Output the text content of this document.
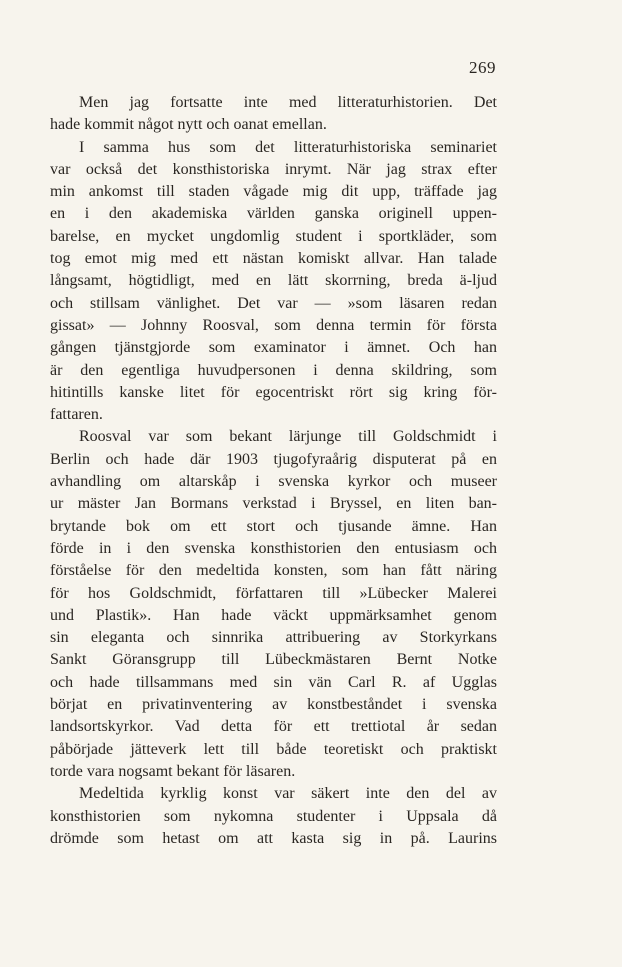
269
Men jag fortsatte inte med litteraturhistorien. Det
hade kommit något nytt och oanat emellan.
I samma hus som det litteraturhistoriska seminariet
var också det konsthistoriska inrymt. När jag strax efter
min ankomst till staden vågade mig dit upp, träffade jag
en i den akademiska världen ganska originell uppen-
barelse, en mycket ungdomlig student i sportkläder, som
tog emot mig med ett nästan komiskt allvar. Han talade
långsamt, högtidligt, med en lätt skorrning, breda ä-ljud
och stillsam vänlighet. Det var — »som läsaren redan
gissat» — Johnny Roosval, som denna termin för första
gången tjänstgjorde som examinator i ämnet. Och han
är den egentliga huvudpersonen i denna skildring, som
hitintills kanske litet för egocentriskt rört sig kring för-
fattaren.
Roosval var som bekant lärjunge till Goldschmidt i
Berlin och hade där 1903 tjugofyraårig disputerat på en
avhandling om altarskåp i svenska kyrkor och museer
ur mäster Jan Bormans verkstad i Bryssel, en liten ban-
brytande bok om ett stort och tjusande ämne. Han
förde in i den svenska konsthistorien den entusiasm och
förståelse för den medeltida konsten, som han fått näring
för hos Goldschmidt, författaren till »Lübecker Malerei
und Plastik». Han hade väckt uppmärksamhet genom
sin eleganta och sinnrika attribuering av Storkyrkans
Sankt Göransgrupp till Lübeckmästaren Bernt Notke
och hade tillsammans med sin vän Carl R. af Ugglas
börjat en privatinventering av konstbeståndet i svenska
landsortskyrkor. Vad detta för ett trettiotal år sedan
påbörjade jätteverk lett till både teoretiskt och praktiskt
torde vara nogsamt bekant för läsaren.
Medeltida kyrklig konst var säkert inte den del av
konsthistorien som nykomna studenter i Uppsala då
drömde som hetast om att kasta sig in på. Laurins
